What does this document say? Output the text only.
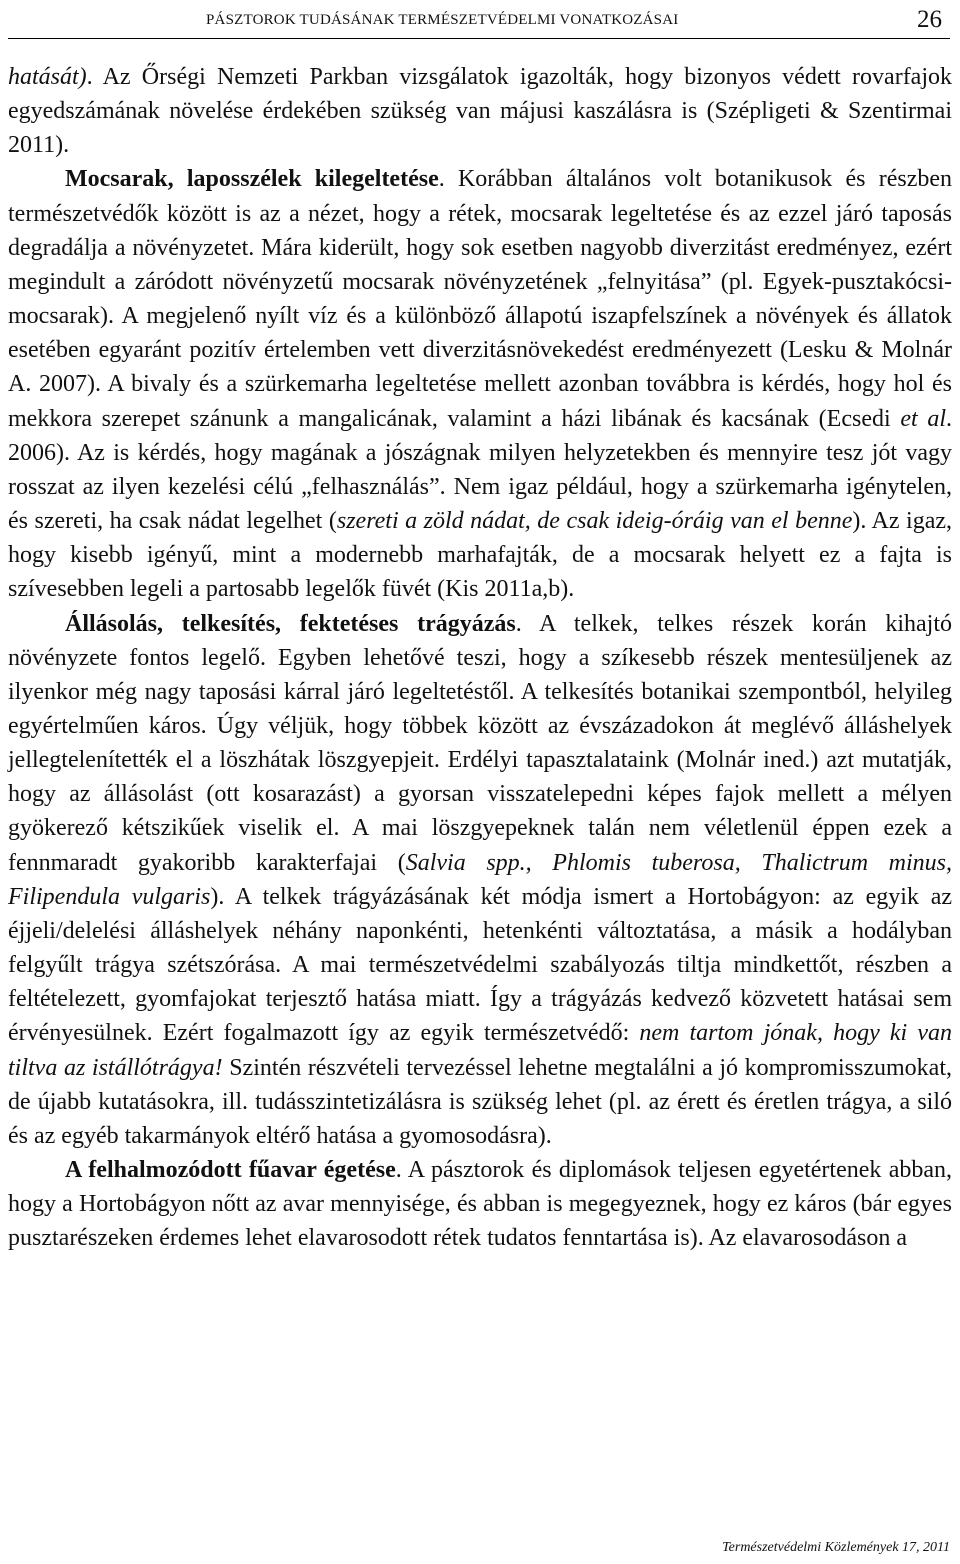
PÁSZTOROK TUDÁSÁNAK TERMÉSZETVÉDELMI VONATKOZÁSAI	26

hatását). Az Őrségi Nemzeti Parkban vizsgálatok igazolták, hogy bizonyos védett rovarfajok egyedszámának növelése érdekében szükség van májusi kaszálásra is (Szépligeti & Szentirmai 2011).

Mocsarak, laposszélek kilegeltetése. Korábban általános volt botanikusok és részben természetvédők között is az a nézet, hogy a rétek, mocsarak legeltetése és az ezzel járó taposás degradálja a növényzetet. Mára kiderült, hogy sok esetben nagyobb diverzitást eredményez, ezért megindult a záródott növényzetű mocsarak növényzetének „felnyitása” (pl. Egyek-pusztakócsi-mocsarak). A megjelenő nyílt víz és a különböző állapotú iszapfelszínek a növények és állatok esetében egyaránt pozitív értelemben vett diverzitásnövekedést eredményezett (Lesku & Molnár A. 2007). A bivaly és a szürkemarha legeltetése mellett azonban továbbra is kérdés, hogy hol és mekkora szerepet szánunk a mangalicának, valamint a házi libának és kacsának (Ecsedi et al. 2006). Az is kérdés, hogy magának a jószágnak milyen helyzetekben és mennyire tesz jót vagy rosszat az ilyen kezelési célú „felhasználás”. Nem igaz például, hogy a szürkemarha igénytelen, és szereti, ha csak nádat legelhet (szereti a zöld nádat, de csak ideig-óráig van el benne). Az igaz, hogy kisebb igényű, mint a modernebb marhafajták, de a mocsarak helyett ez a fajta is szívesebben legeli a partosabb legelők füvét (Kis 2011a,b).

Állásolás, telkesítés, fektetéses trágyázás. A telkek, telkes részek korán kihajtó növényzete fontos legelő. Egyben lehetővé teszi, hogy a szíkesebb részek mentesüljenek az ilyenkor még nagy taposási kárral járó legeltetéstől. A telkesítés botanikai szempontból, helyileg egyértelműen káros. Úgy véljük, hogy többek között az évszázadokon át meglévő álláshelyek jellegtelenítették el a löszhátak löszgyepjeit. Erdélyi tapasztalataink (Molnár ined.) azt mutatják, hogy az állásolást (ott kosarazást) a gyorsan visszatelepedni képes fajok mellett a mélyen gyökerező kétszikűek viselik el. A mai löszgyepeknek talán nem véletlenül éppen ezek a fennmaradt gyakoribb karakterfajai (Salvia spp., Phlomis tuberosa, Thalictrum minus, Filipendula vulgaris). A telkek trágyázásának két módja ismert a Hortobágyon: az egyik az éjjeli/delelési álláshelyek néhány naponkénti, hetenkénti változtatása, a másik a hodályban felgyűlt trágya szétszórása. A mai természetvédelmi szabályozás tiltja mindkettőt, részben a feltételezett, gyomfajokat terjesztő hatása miatt. Így a trágyázás kedvező közvetett hatásai sem érvényesülnek. Ezért fogalmazott így az egyik természetvédő: nem tartom jónak, hogy ki van tiltva az istállótrágya! Szintén részvételi tervezéssel lehetne megtalálni a jó kompromisszumokat, de újabb kutatásokra, ill. tudásszintetizálásra is szükség lehet (pl. az érett és éretlen trágya, a siló és az egyéb takarmányok eltérő hatása a gyomosodásra).

A felhalmozódott fűavar égetése. A pásztorok és diplomások teljesen egyetértenek abban, hogy a Hortobágyon nőtt az avar mennyisége, és abban is megegyeznek, hogy ez káros (bár egyes pusztarészeken érdemes lehet elavarosodott rétek tudatos fenntartása is). Az elavarosodáson a

Természetvédelmi Közlemények 17, 2011
